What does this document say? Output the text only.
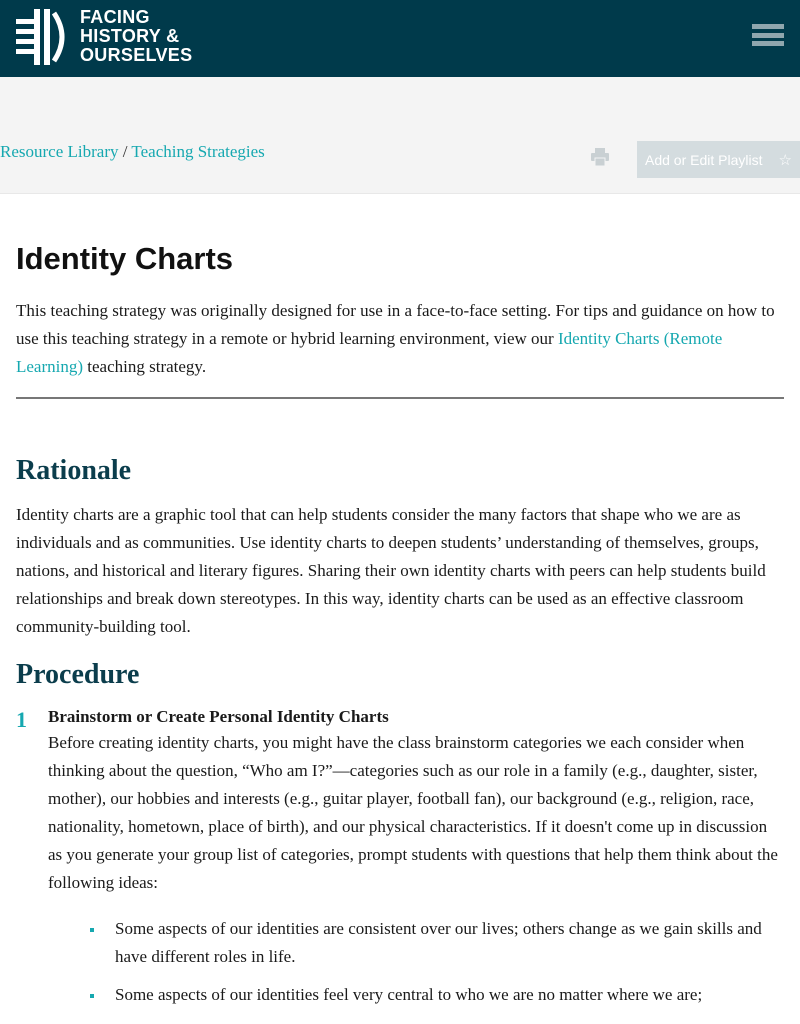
FACING
HISTORY &
OURSELVES
Resource Library / Teaching Strategies	Add or Edit Playlist ☆
Identity Charts

This teaching strategy was originally designed for use in a face-to-face setting. For tips and guidance on how to use this teaching strategy in a remote or hybrid learning environment, view our Identity Charts (Remote Learning) teaching strategy.

Rationale

Identity charts are a graphic tool that can help students consider the many factors that shape who we are as individuals and as communities. Use identity charts to deepen students’ understanding of themselves, groups, nations, and historical and literary figures. Sharing their own identity charts with peers can help students build relationships and break down stereotypes. In this way, identity charts can be used as an effective classroom community-building tool.

Procedure
1	Brainstorm or Create Personal Identity Charts

Before creating identity charts, you might have the class brainstorm categories we each consider when thinking about the question, “Who am I?”—categories such as our role in a family (e.g., daughter, sister, mother), our hobbies and interests (e.g., guitar player, football fan), our background (e.g., religion, race, nationality, hometown, place of birth), and our physical characteristics. If it doesn't come up in discussion as you generate your group list of categories, prompt students with questions that help them think about the following ideas:

Some aspects of our identities are consistent over our lives; others change as we gain skills and have different roles in life.
Some aspects of our identities feel very central to who we are no matter where we are;
